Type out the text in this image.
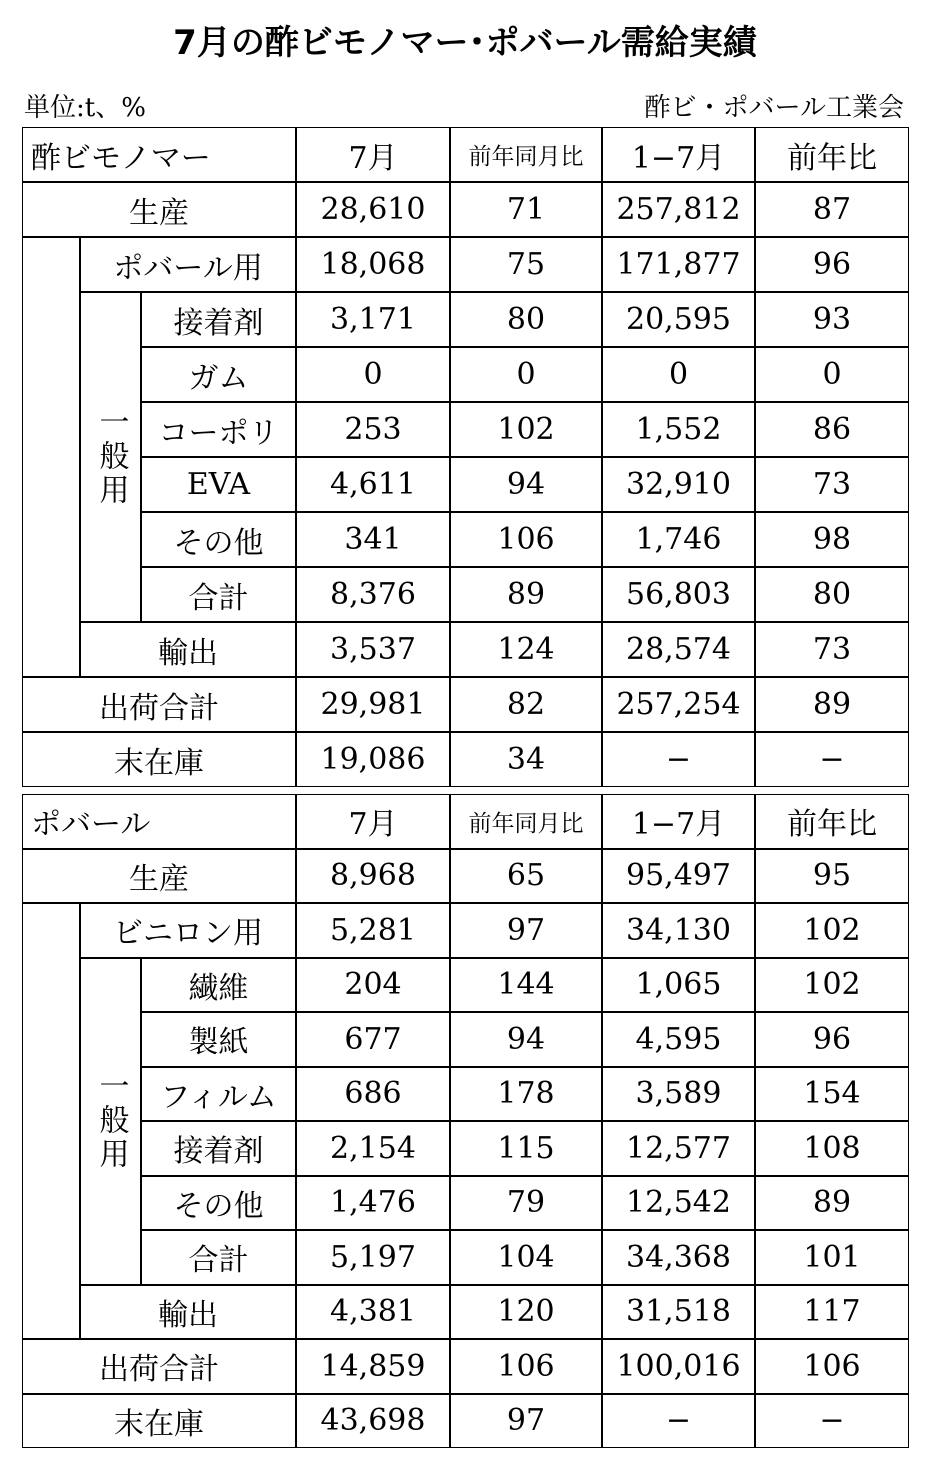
7月の酢ビモノマー･ポバール需給実績
単位:t、%	酢ビ・ポバール工業会
酢ビモノマー	7月	前年同月比	1−7月	前年比
一般用
生産	28,610	71	257,812	87
ポバール用	18,068	75	171,877	96
接着剤	3,171	80	20,595	93
ガム	0	0	0	0
コーポリ	253	102	1,552	86
EVA	4,611	94	32,910	73
その他	341	106	1,746	98
合計	8,376	89	56,803	80
輸出	3,537	124	28,574	73
出荷合計	29,981	82	257,254	89
末在庫	19,086	34	−	−
ポバール	7月	前年同月比	1−7月	前年比
一般用
生産	8,968	65	95,497	95
ビニロン用	5,281	97	34,130	102
繊維	204	144	1,065	102
製紙	677	94	4,595	96
フィルム	686	178	3,589	154
接着剤	2,154	115	12,577	108
その他	1,476	79	12,542	89
合計	5,197	104	34,368	101
輸出	4,381	120	31,518	117
出荷合計	14,859	106	100,016	106
末在庫	43,698	97	−	−
